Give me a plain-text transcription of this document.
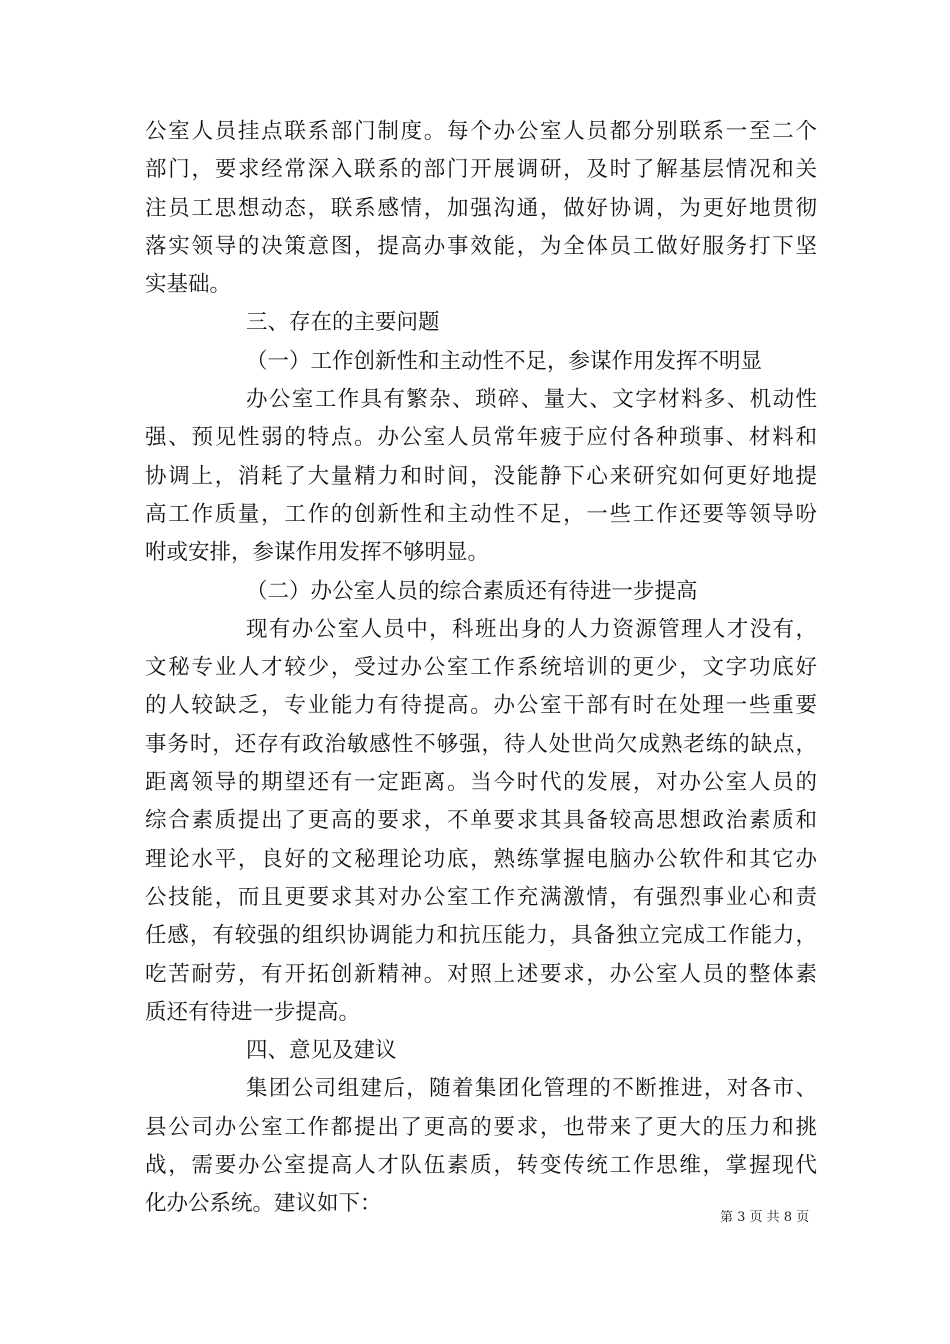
公室人员挂点联系部门制度。每个办公室人员都分别联系一至二个
部门，要求经常深入联系的部门开展调研，及时了解基层情况和关
注员工思想动态，联系感情，加强沟通，做好协调，为更好地贯彻
落实领导的决策意图，提高办事效能，为全体员工做好服务打下坚
实基础。
三、存在的主要问题
（一）工作创新性和主动性不足，参谋作用发挥不明显
办公室工作具有繁杂、琐碎、量大、文字材料多、机动性
强、预见性弱的特点。办公室人员常年疲于应付各种琐事、材料和
协调上，消耗了大量精力和时间，没能静下心来研究如何更好地提
高工作质量，工作的创新性和主动性不足，一些工作还要等领导吩
咐或安排，参谋作用发挥不够明显。
（二）办公室人员的综合素质还有待进一步提高
现有办公室人员中，科班出身的人力资源管理人才没有，
文秘专业人才较少，受过办公室工作系统培训的更少，文字功底好
的人较缺乏，专业能力有待提高。办公室干部有时在处理一些重要
事务时，还存有政治敏感性不够强，待人处世尚欠成熟老练的缺点，
距离领导的期望还有一定距离。当今时代的发展，对办公室人员的
综合素质提出了更高的要求，不单要求其具备较高思想政治素质和
理论水平，良好的文秘理论功底，熟练掌握电脑办公软件和其它办
公技能，而且更要求其对办公室工作充满激情，有强烈事业心和责
任感，有较强的组织协调能力和抗压能力，具备独立完成工作能力，
吃苦耐劳，有开拓创新精神。对照上述要求，办公室人员的整体素
质还有待进一步提高。
四、意见及建议
集团公司组建后，随着集团化管理的不断推进，对各市、
县公司办公室工作都提出了更高的要求，也带来了更大的压力和挑
战，需要办公室提高人才队伍素质，转变传统工作思维，掌握现代
化办公系统。建议如下：
第 3 页 共 8 页
